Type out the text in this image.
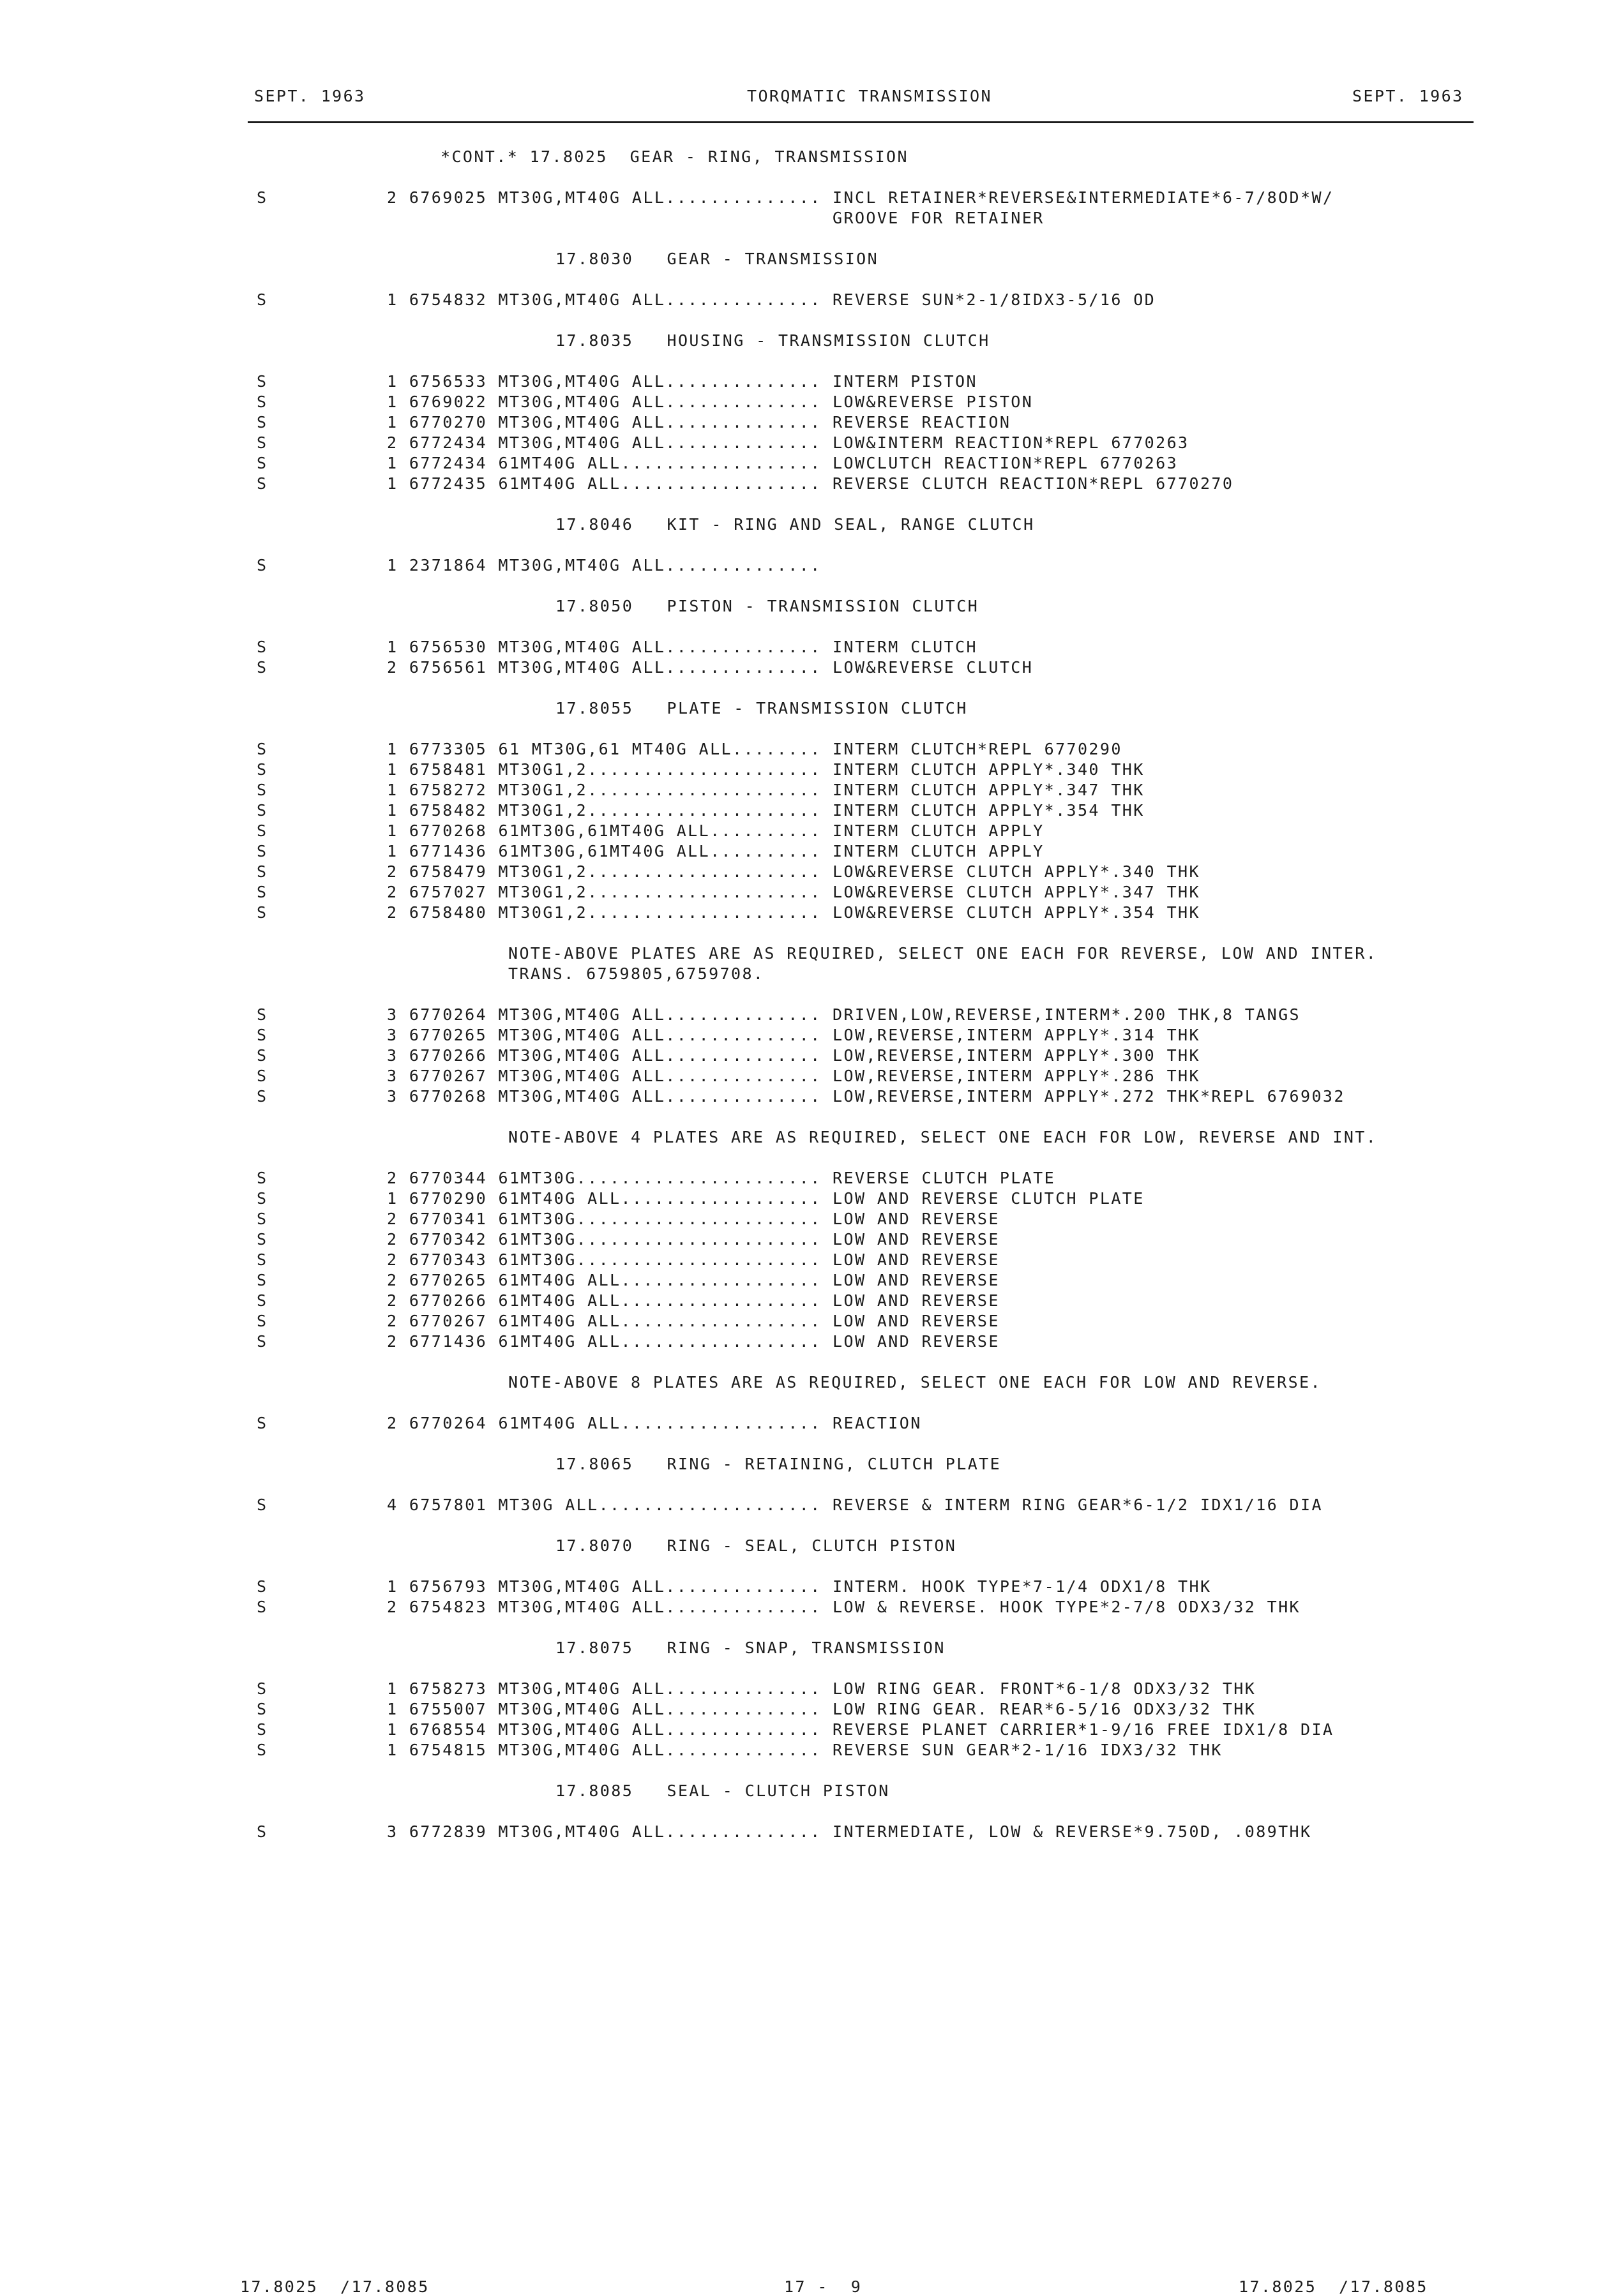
SEPT. 1963	TORQMATIC TRANSMISSION	SEPT. 1963
*CONT.* 17.8025  GEAR - RING, TRANSMISSION
S	2 6769025 MT30G,MT40G ALL.............. INCL RETAINER*REVERSE&INTERMEDIATE*6-7/8OD*W/
GROOVE FOR RETAINER
17.8030   GEAR - TRANSMISSION
S	1 6754832 MT30G,MT40G ALL.............. REVERSE SUN*2-1/8IDX3-5/16 OD
17.8035   HOUSING - TRANSMISSION CLUTCH
S	1 6756533 MT30G,MT40G ALL.............. INTERM PISTON
S	1 6769022 MT30G,MT40G ALL.............. LOW&REVERSE PISTON
S	1 6770270 MT30G,MT40G ALL.............. REVERSE REACTION
S	2 6772434 MT30G,MT40G ALL.............. LOW&INTERM REACTION*REPL 6770263
S	1 6772434 61MT40G ALL.................. LOWCLUTCH REACTION*REPL 6770263
S	1 6772435 61MT40G ALL.................. REVERSE CLUTCH REACTION*REPL 6770270
17.8046   KIT - RING AND SEAL, RANGE CLUTCH
S	1 2371864 MT30G,MT40G ALL..............
17.8050   PISTON - TRANSMISSION CLUTCH
S	1 6756530 MT30G,MT40G ALL.............. INTERM CLUTCH
S	2 6756561 MT30G,MT40G ALL.............. LOW&REVERSE CLUTCH
17.8055   PLATE - TRANSMISSION CLUTCH
S	1 6773305 61 MT30G,61 MT40G ALL........ INTERM CLUTCH*REPL 6770290
S	1 6758481 MT30G1,2..................... INTERM CLUTCH APPLY*.340 THK
S	1 6758272 MT30G1,2..................... INTERM CLUTCH APPLY*.347 THK
S	1 6758482 MT30G1,2..................... INTERM CLUTCH APPLY*.354 THK
S	1 6770268 61MT30G,61MT40G ALL.......... INTERM CLUTCH APPLY
S	1 6771436 61MT30G,61MT40G ALL.......... INTERM CLUTCH APPLY
S	2 6758479 MT30G1,2..................... LOW&REVERSE CLUTCH APPLY*.340 THK
S	2 6757027 MT30G1,2..................... LOW&REVERSE CLUTCH APPLY*.347 THK
S	2 6758480 MT30G1,2..................... LOW&REVERSE CLUTCH APPLY*.354 THK
NOTE-ABOVE PLATES ARE AS REQUIRED, SELECT ONE EACH FOR REVERSE, LOW AND INTER.
TRANS. 6759805,6759708.
S	3 6770264 MT30G,MT40G ALL.............. DRIVEN,LOW,REVERSE,INTERM*.200 THK,8 TANGS
S	3 6770265 MT30G,MT40G ALL.............. LOW,REVERSE,INTERM APPLY*.314 THK
S	3 6770266 MT30G,MT40G ALL.............. LOW,REVERSE,INTERM APPLY*.300 THK
S	3 6770267 MT30G,MT40G ALL.............. LOW,REVERSE,INTERM APPLY*.286 THK
S	3 6770268 MT30G,MT40G ALL.............. LOW,REVERSE,INTERM APPLY*.272 THK*REPL 6769032
NOTE-ABOVE 4 PLATES ARE AS REQUIRED, SELECT ONE EACH FOR LOW, REVERSE AND INT.
S	2 6770344 61MT30G...................... REVERSE CLUTCH PLATE
S	1 6770290 61MT40G ALL.................. LOW AND REVERSE CLUTCH PLATE
S	2 6770341 61MT30G...................... LOW AND REVERSE
S	2 6770342 61MT30G...................... LOW AND REVERSE
S	2 6770343 61MT30G...................... LOW AND REVERSE
S	2 6770265 61MT40G ALL.................. LOW AND REVERSE
S	2 6770266 61MT40G ALL.................. LOW AND REVERSE
S	2 6770267 61MT40G ALL.................. LOW AND REVERSE
S	2 6771436 61MT40G ALL.................. LOW AND REVERSE
NOTE-ABOVE 8 PLATES ARE AS REQUIRED, SELECT ONE EACH FOR LOW AND REVERSE.
S	2 6770264 61MT40G ALL.................. REACTION
17.8065   RING - RETAINING, CLUTCH PLATE
S	4 6757801 MT30G ALL.................... REVERSE & INTERM RING GEAR*6-1/2 IDX1/16 DIA
17.8070   RING - SEAL, CLUTCH PISTON
S	1 6756793 MT30G,MT40G ALL.............. INTERM. HOOK TYPE*7-1/4 ODX1/8 THK
S	2 6754823 MT30G,MT40G ALL.............. LOW & REVERSE. HOOK TYPE*2-7/8 ODX3/32 THK
17.8075   RING - SNAP, TRANSMISSION
S	1 6758273 MT30G,MT40G ALL.............. LOW RING GEAR. FRONT*6-1/8 ODX3/32 THK
S	1 6755007 MT30G,MT40G ALL.............. LOW RING GEAR. REAR*6-5/16 ODX3/32 THK
S	1 6768554 MT30G,MT40G ALL.............. REVERSE PLANET CARRIER*1-9/16 FREE IDX1/8 DIA
S	1 6754815 MT30G,MT40G ALL.............. REVERSE SUN GEAR*2-1/16 IDX3/32 THK
17.8085   SEAL - CLUTCH PISTON
S	3 6772839 MT30G,MT40G ALL.............. INTERMEDIATE, LOW & REVERSE*9.750D, .089THK
17.8025  /17.8085	17 -  9	17.8025  /17.8085
